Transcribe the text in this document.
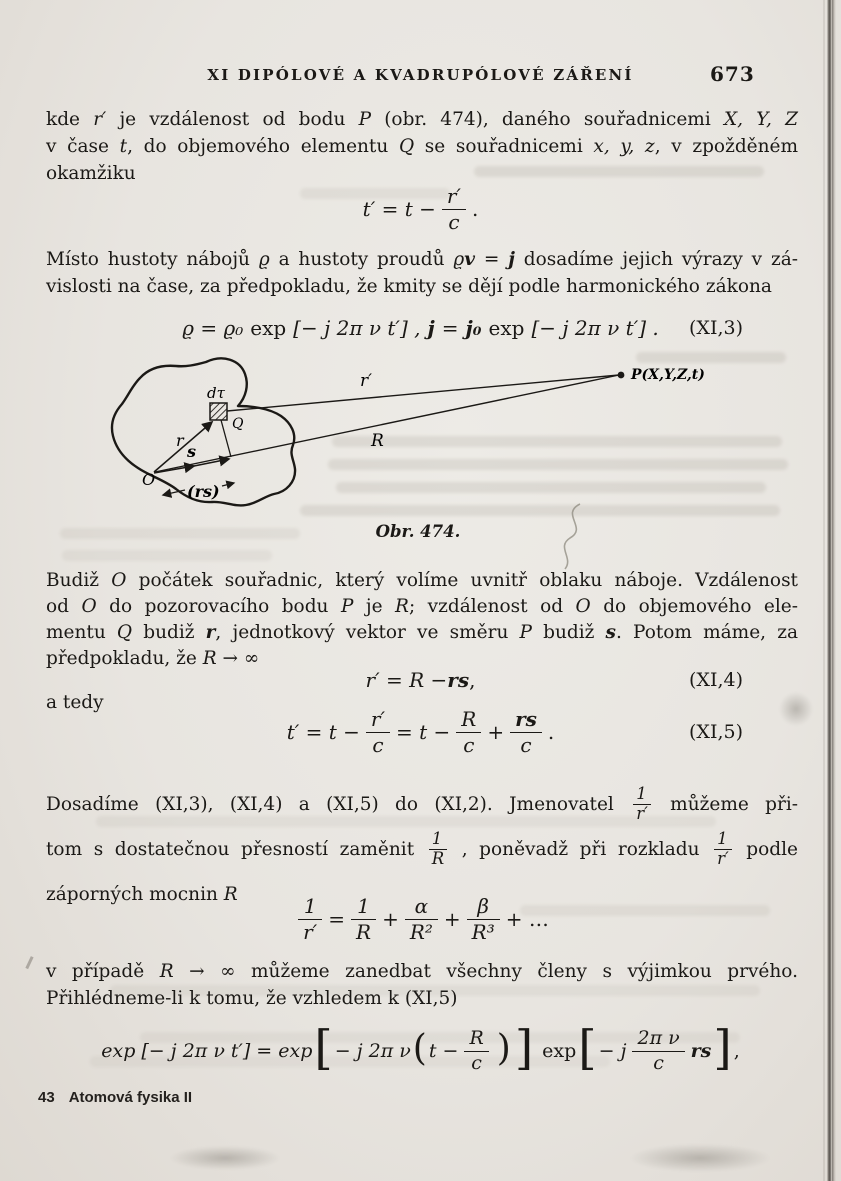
XI DIPÓLOVÉ A KVADRUPÓLOVÉ ZÁŘENÍ	673
kde r′ je vzdálenost od bodu P (obr. 474), daného souřadnicemi X, Y, Z
v čase t, do objemového elementu Q se souřadnicemi x, y, z, v zpožděném
okamžiku
$t' = t - \frac{r'}{c}$ .
Místo hustoty nábojů ϱ a hustoty proudů ϱv = j dosadíme jejich výrazy v zá-
vislosti na čase, za předpokladu, že kmity se dějí podle harmonického zákona
ϱ = ϱ₀ exp [− j 2π ν t′] , j = j₀ exp [− j 2π ν t′] . (XI,3)
dτ
Q
O
r
s
r′
R
P(X,Y,Z,t)
(rs)
Obr. 474.
Budiž O počátek souřadnic, který volíme uvnitř oblaku náboje. Vzdálenost
od O do pozorovacího bodu P je R; vzdálenost od O do objemového ele-
mentu Q budiž r, jednotkový vektor ve směru P budiž s. Potom máme, za
předpokladu, že R → ∞
r′ = R − rs ,	(XI,4)
a tedy
$t' = t - \frac{r'}{c} = t - \frac{R}{c} + \frac{rs}{c}$ .	(XI,5)
Dosadíme (XI,3), (XI,4) a (XI,5) do (XI,2). Jmenovatel $\frac{1}{r'}$ můžeme při-
tom s dostatečnou přesností zaměnit $\frac{1}{R}$ , poněvadž při rozkladu $\frac{1}{r'}$ podle
záporných mocnin R	$\frac{1}{r'} = \frac{1}{R} + \frac{\alpha}{\text{R²}} + \frac{\beta}{\text{R³}}$ + …
v případě R → ∞ můžeme zanedbat všechny členy s výjimkou prvého.
Přihlédneme-li k tomu, že vzhledem k (XI,5)
exp [− j 2π ν t′] = exp [ − j 2π ν ( $t - \frac{R}{c}$ ) ] exp [ − j
2π ν
c
rs ] ,
43 Atomová fysika II
